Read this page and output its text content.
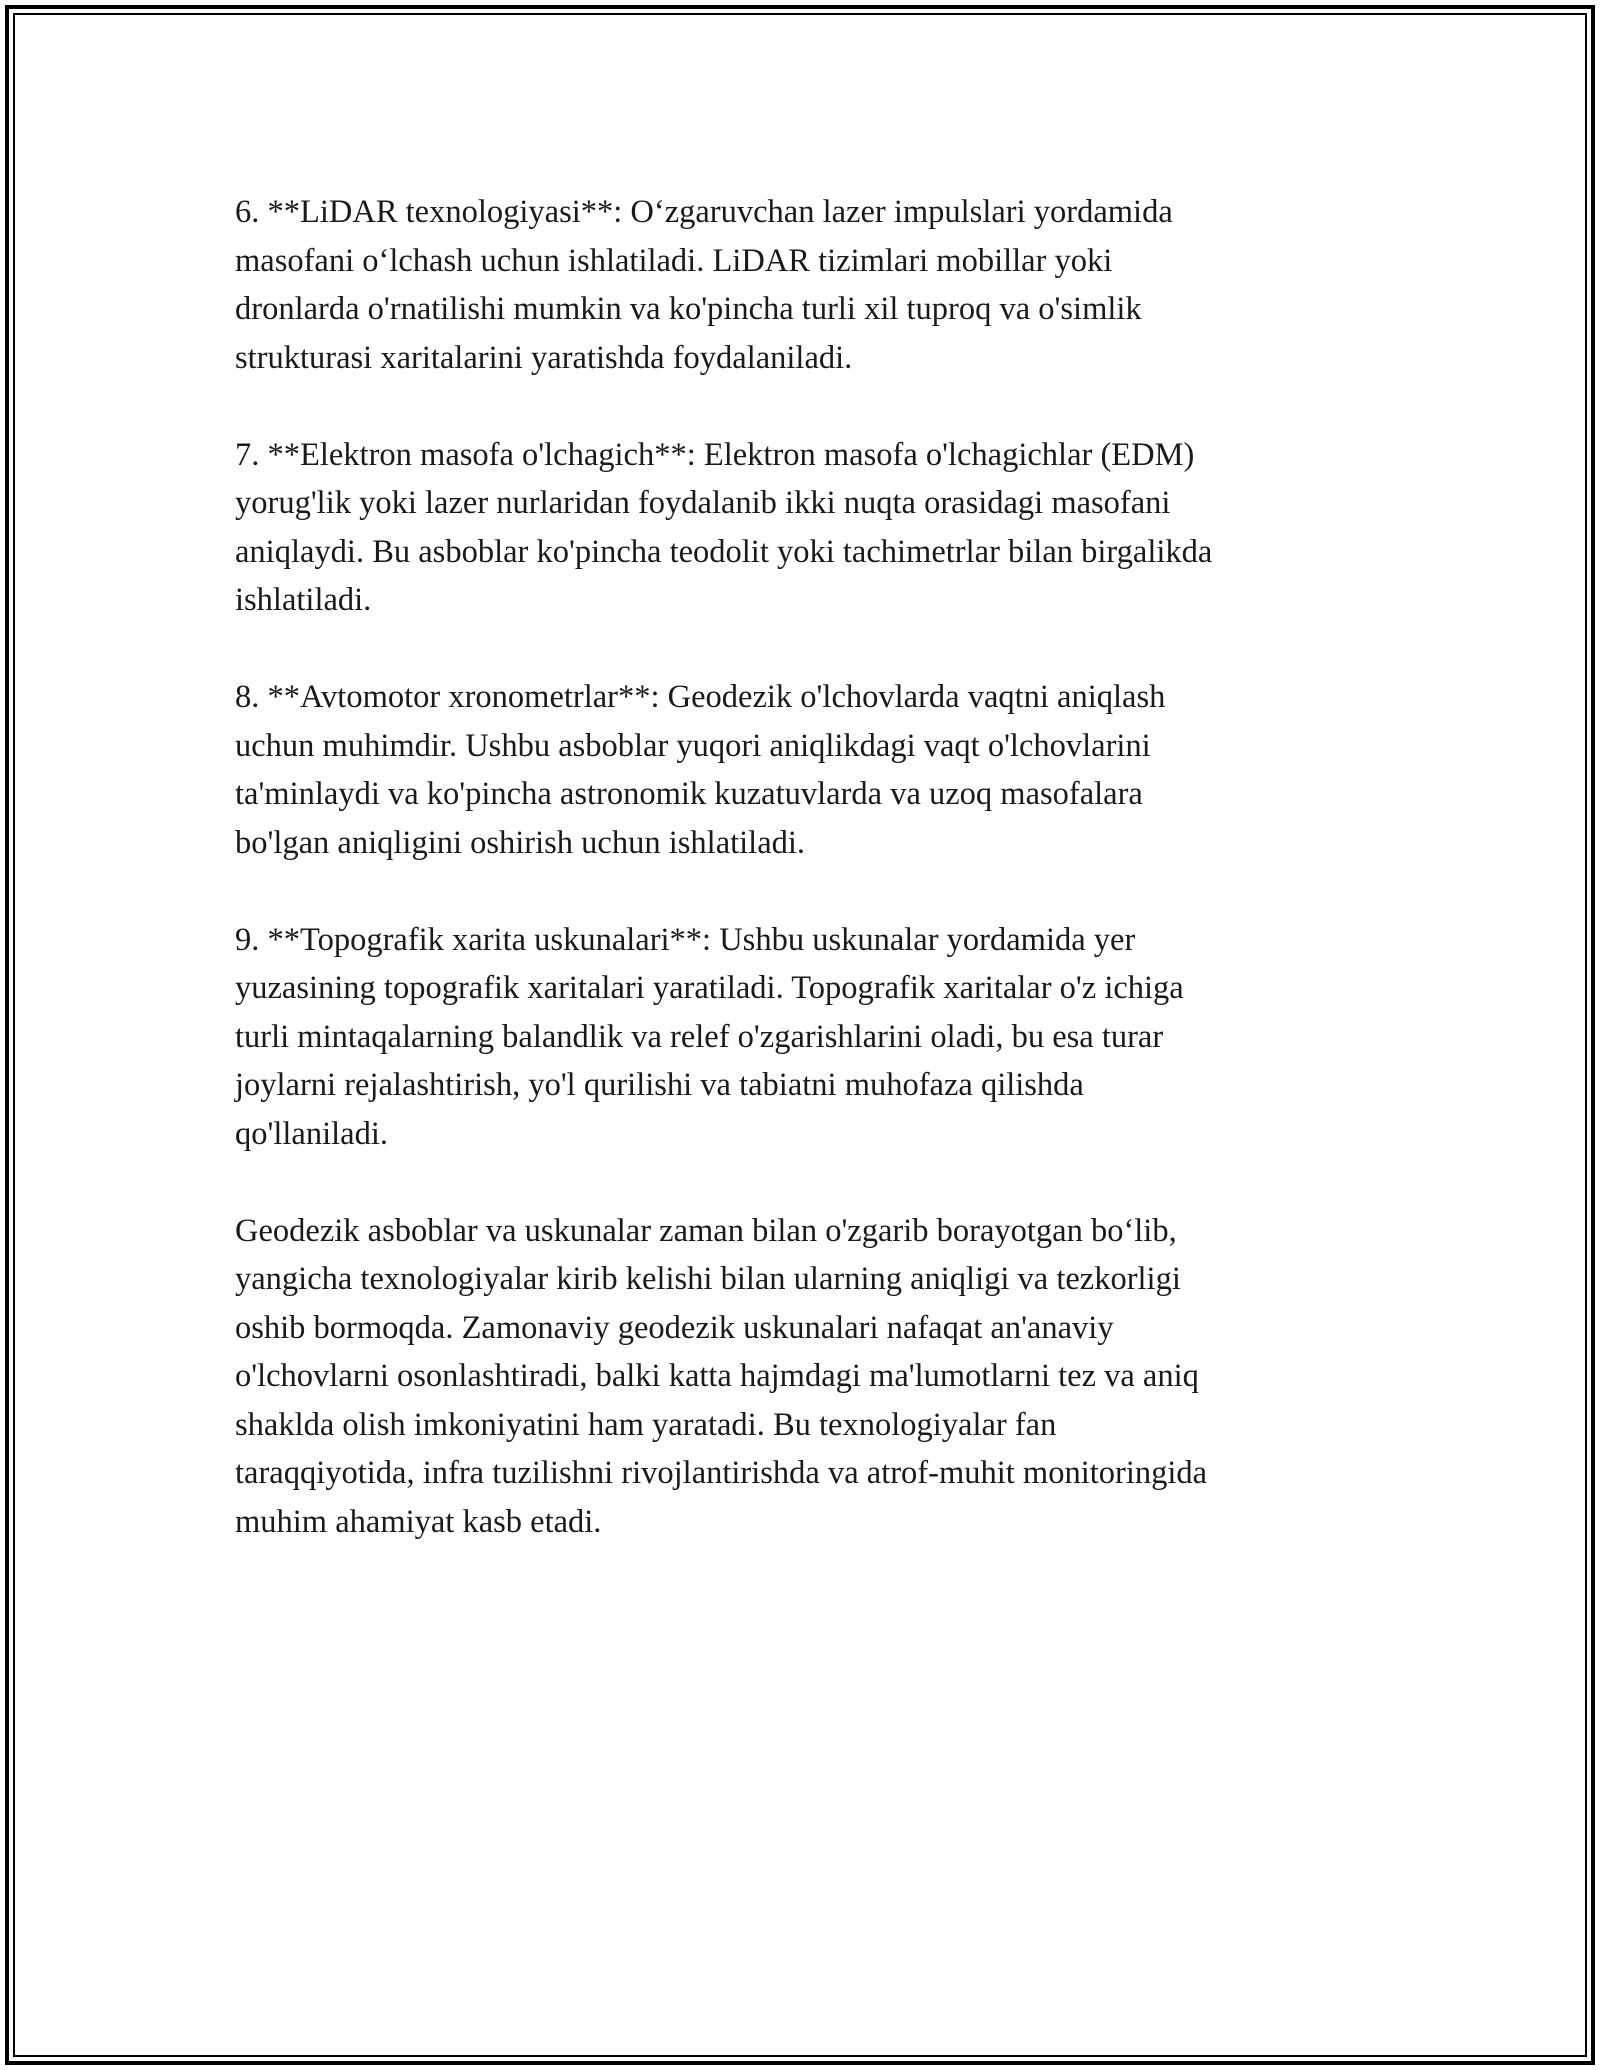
6. **LiDAR texnologiyasi**: O‘zgaruvchan lazer impulslari yordamida
masofani o‘lchash uchun ishlatiladi. LiDAR tizimlari mobillar yoki
dronlarda o'rnatilishi mumkin va ko'pincha turli xil tuproq va o'simlik
strukturasi xaritalarini yaratishda foydalaniladi.

7. **Elektron masofa o'lchagich**: Elektron masofa o'lchagichlar (EDM)
yorug'lik yoki lazer nurlaridan foydalanib ikki nuqta orasidagi masofani
aniqlaydi. Bu asboblar ko'pincha teodolit yoki tachimetrlar bilan birgalikda
ishlatiladi.

8. **Avtomotor xronometrlar**: Geodezik o'lchovlarda vaqtni aniqlash
uchun muhimdir. Ushbu asboblar yuqori aniqlikdagi vaqt o'lchovlarini
ta'minlaydi va ko'pincha astronomik kuzatuvlarda va uzoq masofalara
bo'lgan aniqligini oshirish uchun ishlatiladi.

9. **Topografik xarita uskunalari**: Ushbu uskunalar yordamida yer
yuzasining topografik xaritalari yaratiladi. Topografik xaritalar o'z ichiga
turli mintaqalarning balandlik va relef o'zgarishlarini oladi, bu esa turar
joylarni rejalashtirish, yo'l qurilishi va tabiatni muhofaza qilishda
qo'llaniladi.

Geodezik asboblar va uskunalar zaman bilan o'zgarib borayotgan bo‘lib,
yangicha texnologiyalar kirib kelishi bilan ularning aniqligi va tezkorligi
oshib bormoqda. Zamonaviy geodezik uskunalari nafaqat an'anaviy
o'lchovlarni osonlashtiradi, balki katta hajmdagi ma'lumotlarni tez va aniq
shaklda olish imkoniyatini ham yaratadi. Bu texnologiyalar fan
taraqqiyotida, infra tuzilishni rivojlantirishda va atrof-muhit monitoringida
muhim ahamiyat kasb etadi.
